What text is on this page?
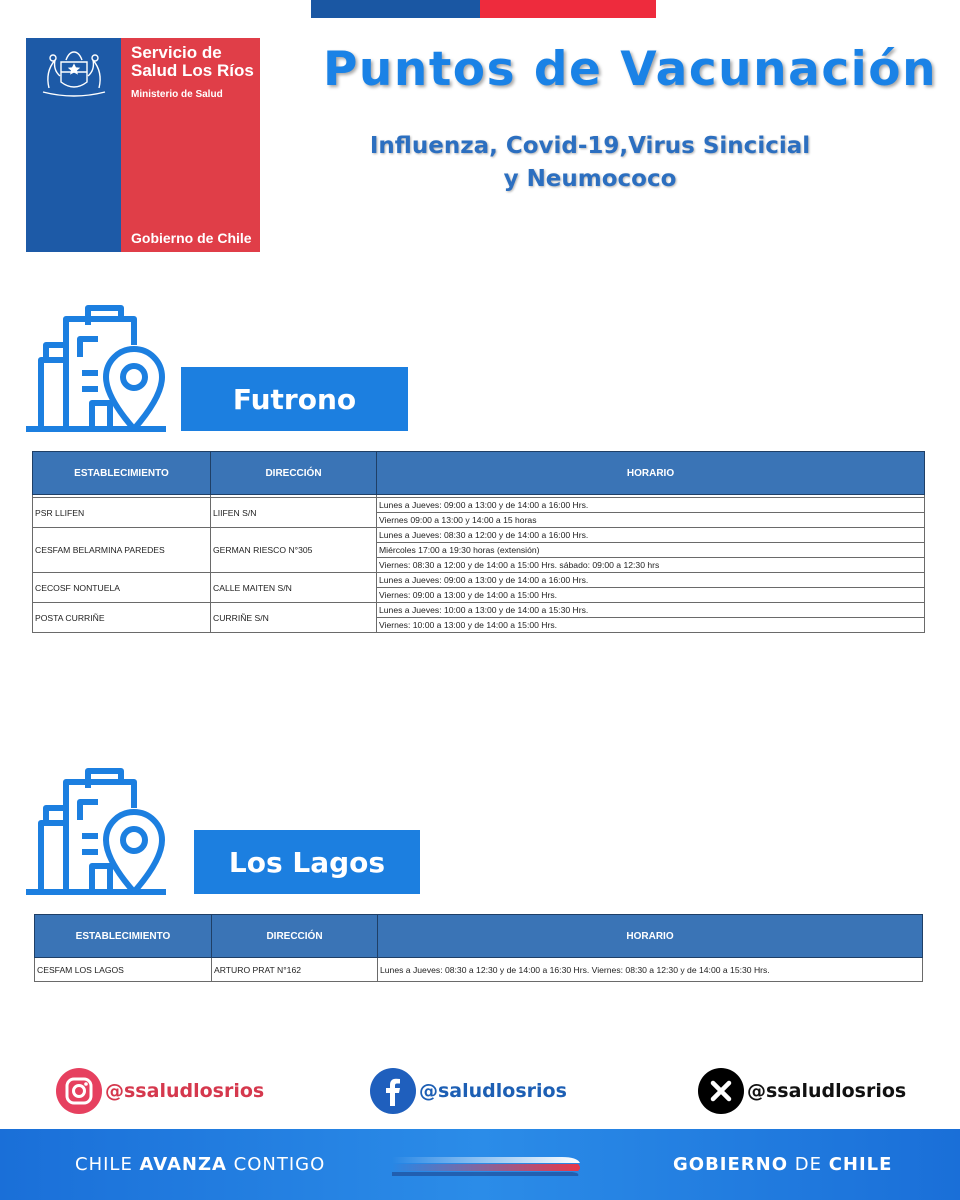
Servicio de
Salud Los Ríos
Ministerio de Salud
Gobierno de Chile
Puntos de Vacunación
Influenza, Covid-19,Virus Sincicial
y Neumococo
Futrono
ESTABLECIMIENTO	DIRECCIÓN	HORARIO

PSR LLIFEN	LIIFEN S/N	Lunes a Jueves: 09:00 a 13:00 y de 14:00 a 16:00 Hrs.
		Viernes 09:00 a 13:00 y 14:00 a 15 horas
CESFAM BELARMINA PAREDES	GERMAN RIESCO N°305	Lunes a Jueves: 08:30 a 12:00 y de 14:00 a 16:00 Hrs.
		Miércoles 17:00 a 19:30 horas (extensión)
		Viernes: 08:30 a 12:00 y de 14:00 a 15:00 Hrs. sábado: 09:00 a 12:30 hrs
CECOSF NONTUELA	CALLE MAITEN S/N	Lunes a Jueves: 09:00 a 13:00 y de 14:00 a 16:00 Hrs.
		Viernes: 09:00 a 13:00 y de 14:00 a 15:00 Hrs.
POSTA CURRIÑE	CURRIÑE S/N	Lunes a Jueves: 10:00 a 13:00 y de 14:00 a 15:30 Hrs.
		Viernes: 10:00 a 13:00 y de 14:00 a 15:00 Hrs.
Los Lagos
ESTABLECIMIENTO	DIRECCIÓN	HORARIO
CESFAM LOS LAGOS	ARTURO PRAT N°162	Lunes a Jueves: 08:30 a 12:30 y de 14:00 a 16:30 Hrs. Viernes: 08:30 a 12:30 y de 14:00 a 15:30 Hrs.
@ssaludlosrios	@saludlosrios	@ssaludlosrios
CHILE AVANZA CONTIGO	GOBIERNO DE CHILE
